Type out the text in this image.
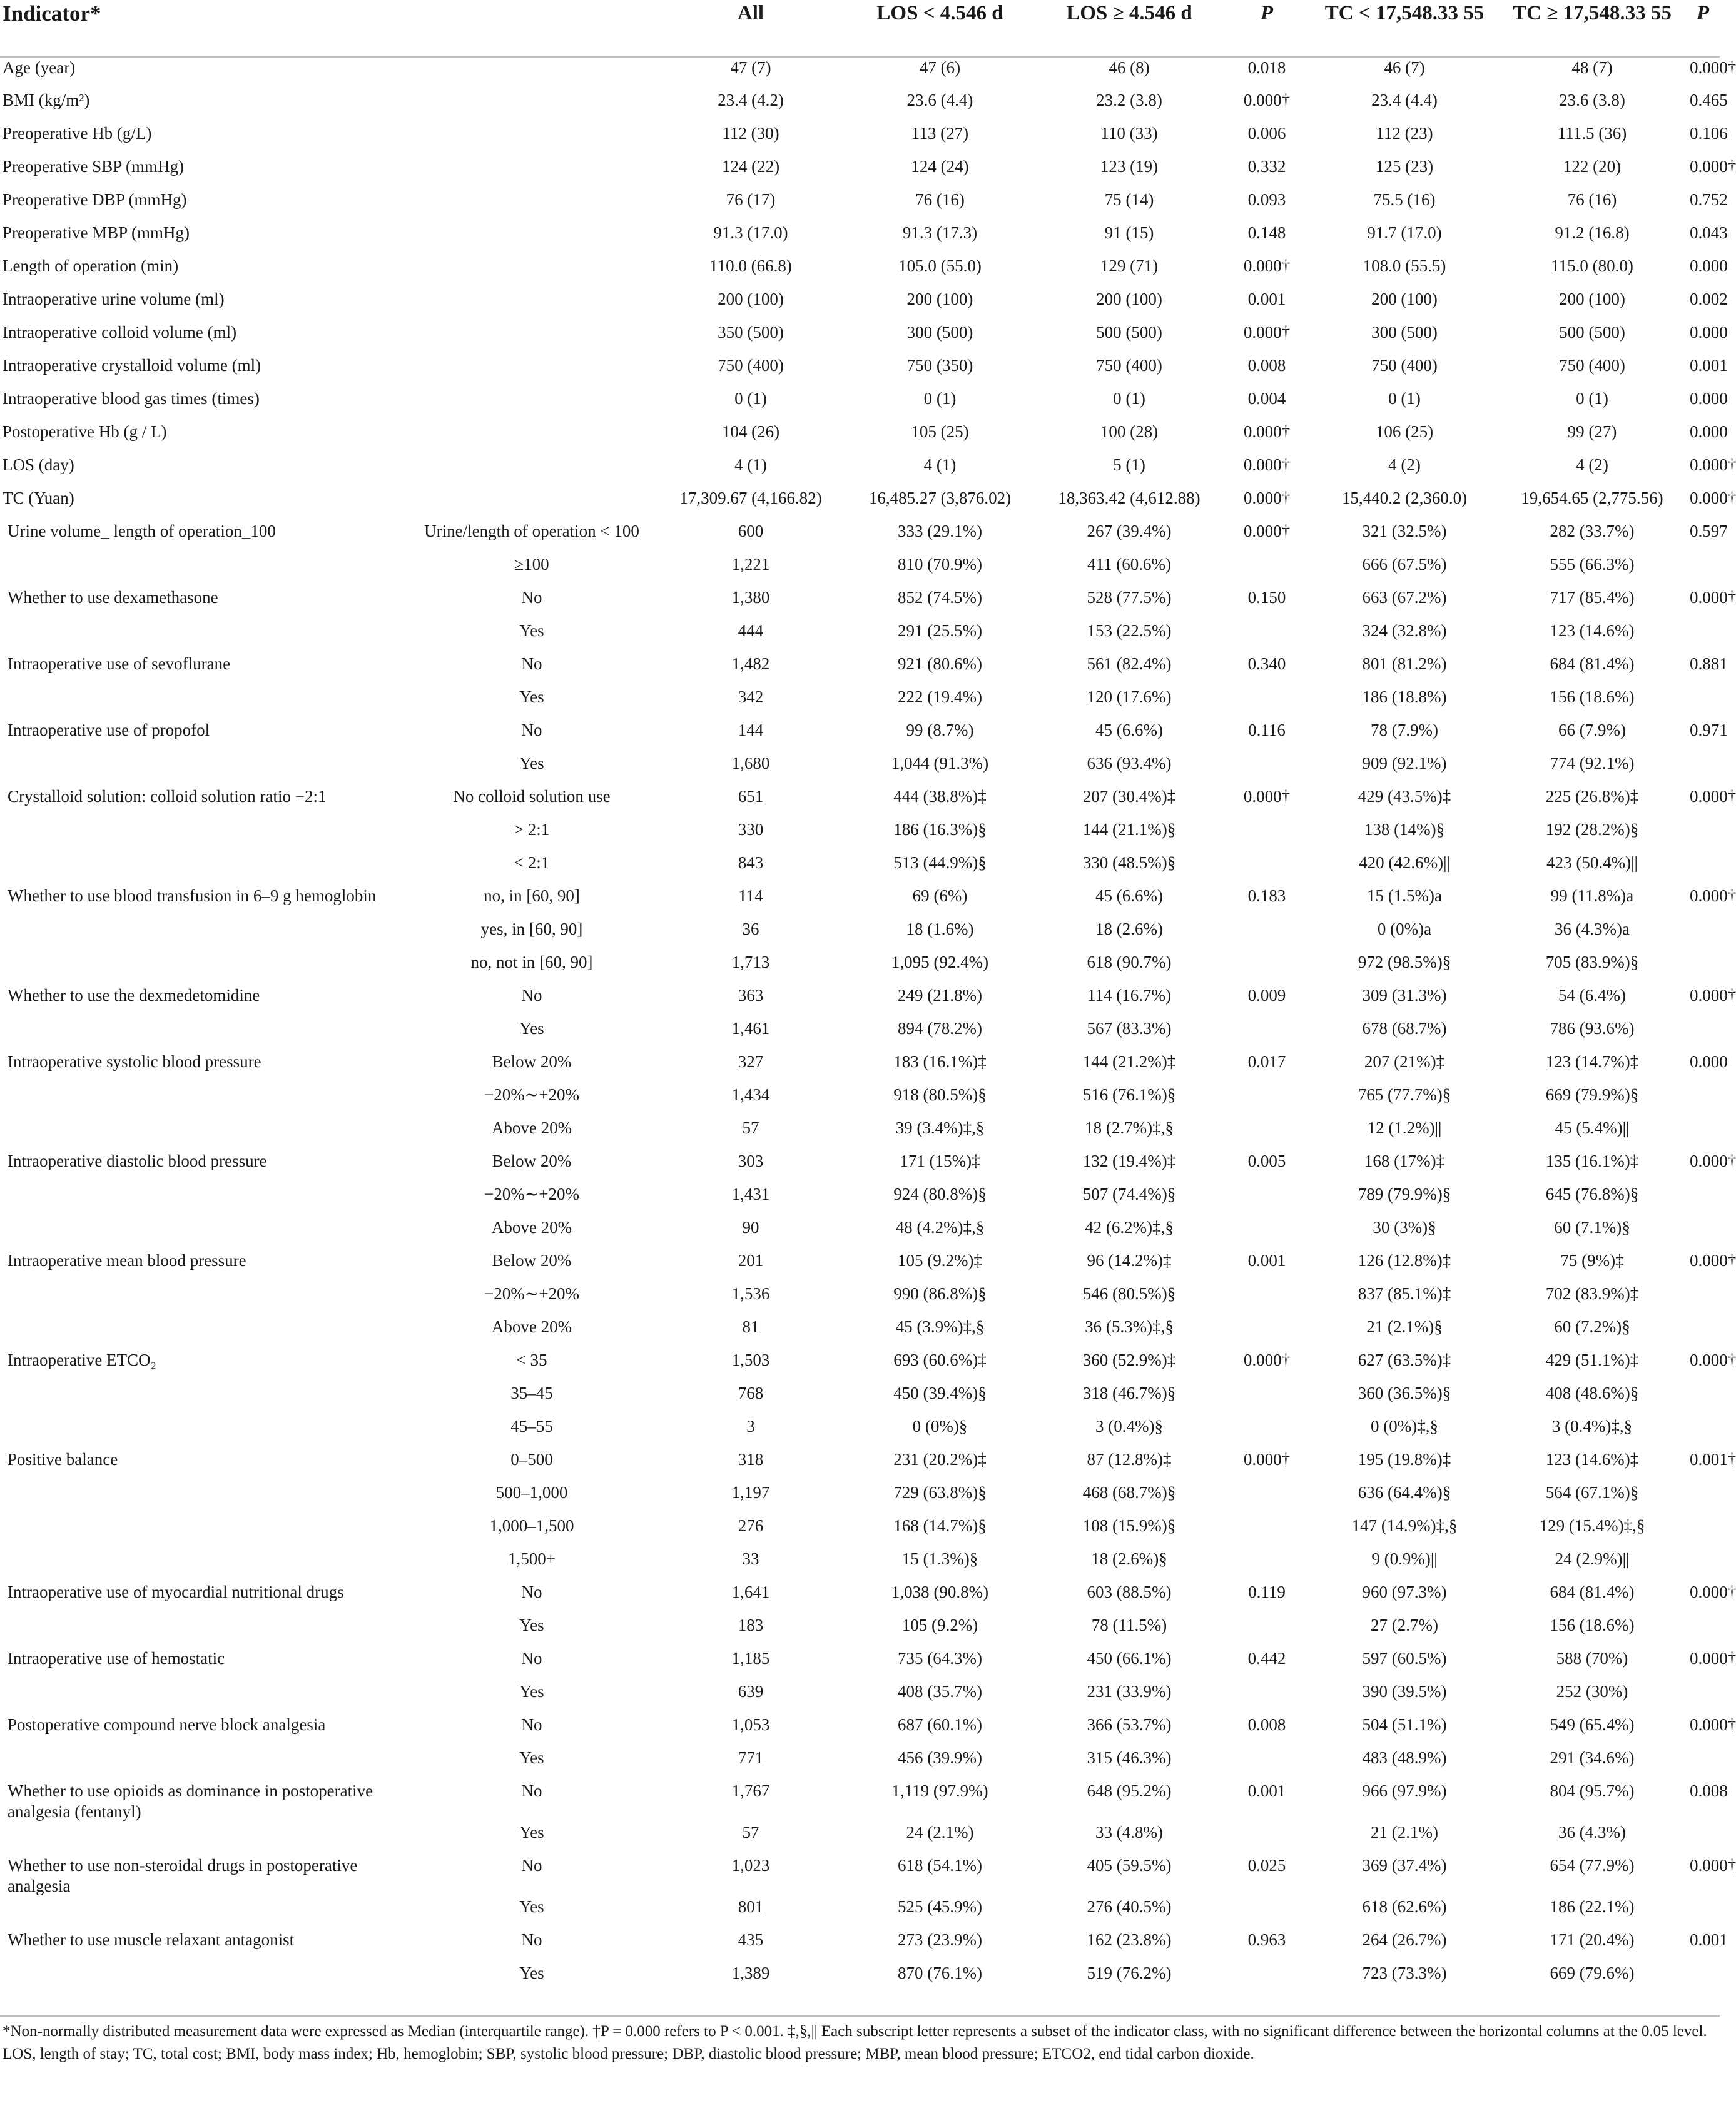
Indicator*		All	LOS < 4.546 d	LOS ≥ 4.546 d	P	TC < 17,548.33 55	TC ≥ 17,548.33 55	P
Age (year)		47 (7)	47 (6)	46 (8)	0.018	46 (7)	48 (7)	0.000†
BMI (kg/m²)		23.4 (4.2)	23.6 (4.4)	23.2 (3.8)	0.000†	23.4 (4.4)	23.6 (3.8)	0.465
Preoperative Hb (g/L)		112 (30)	113 (27)	110 (33)	0.006	112 (23)	111.5 (36)	0.106
Preoperative SBP (mmHg)		124 (22)	124 (24)	123 (19)	0.332	125 (23)	122 (20)	0.000†
Preoperative DBP (mmHg)		76 (17)	76 (16)	75 (14)	0.093	75.5 (16)	76 (16)	0.752
Preoperative MBP (mmHg)		91.3 (17.0)	91.3 (17.3)	91 (15)	0.148	91.7 (17.0)	91.2 (16.8)	0.043
Length of operation (min)		110.0 (66.8)	105.0 (55.0)	129 (71)	0.000†	108.0 (55.5)	115.0 (80.0)	0.000
Intraoperative urine volume (ml)		200 (100)	200 (100)	200 (100)	0.001	200 (100)	200 (100)	0.002
Intraoperative colloid volume (ml)		350 (500)	300 (500)	500 (500)	0.000†	300 (500)	500 (500)	0.000
Intraoperative crystalloid volume (ml)		750 (400)	750 (350)	750 (400)	0.008	750 (400)	750 (400)	0.001
Intraoperative blood gas times (times)		0 (1)	0 (1)	0 (1)	0.004	0 (1)	0 (1)	0.000
Postoperative Hb (g / L)		104 (26)	105 (25)	100 (28)	0.000†	106 (25)	99 (27)	0.000
LOS (day)		4 (1)	4 (1)	5 (1)	0.000†	4 (2)	4 (2)	0.000†
TC (Yuan)		17,309.67 (4,166.82)	16,485.27 (3,876.02)	18,363.42 (4,612.88)	0.000†	15,440.2 (2,360.0)	19,654.65 (2,775.56)	0.000†
Urine volume_ length of operation_100	Urine/length of operation < 100	600	333 (29.1%)	267 (39.4%)	0.000†	321 (32.5%)	282 (33.7%)	0.597
	≥100	1,221	810 (70.9%)	411 (60.6%)		666 (67.5%)	555 (66.3%)	
Whether to use dexamethasone	No	1,380	852 (74.5%)	528 (77.5%)	0.150	663 (67.2%)	717 (85.4%)	0.000†
	Yes	444	291 (25.5%)	153 (22.5%)		324 (32.8%)	123 (14.6%)	
Intraoperative use of sevoflurane	No	1,482	921 (80.6%)	561 (82.4%)	0.340	801 (81.2%)	684 (81.4%)	0.881
	Yes	342	222 (19.4%)	120 (17.6%)		186 (18.8%)	156 (18.6%)	
Intraoperative use of propofol	No	144	99 (8.7%)	45 (6.6%)	0.116	78 (7.9%)	66 (7.9%)	0.971
	Yes	1,680	1,044 (91.3%)	636 (93.4%)		909 (92.1%)	774 (92.1%)	
Crystalloid solution: colloid solution ratio −2:1	No colloid solution use	651	444 (38.8%)‡	207 (30.4%)‡	0.000†	429 (43.5%)‡	225 (26.8%)‡	0.000†
	> 2:1	330	186 (16.3%)§	144 (21.1%)§		138 (14%)§	192 (28.2%)§	
	< 2:1	843	513 (44.9%)§	330 (48.5%)§		420 (42.6%)||	423 (50.4%)||	
Whether to use blood transfusion in 6–9 g hemoglobin	no, in [60, 90]	114	69 (6%)	45 (6.6%)	0.183	15 (1.5%)a	99 (11.8%)a	0.000†
	yes, in [60, 90]	36	18 (1.6%)	18 (2.6%)		0 (0%)a	36 (4.3%)a	
	no, not in [60, 90]	1,713	1,095 (92.4%)	618 (90.7%)		972 (98.5%)§	705 (83.9%)§	
Whether to use the dexmedetomidine	No	363	249 (21.8%)	114 (16.7%)	0.009	309 (31.3%)	54 (6.4%)	0.000†
	Yes	1,461	894 (78.2%)	567 (83.3%)		678 (68.7%)	786 (93.6%)	
Intraoperative systolic blood pressure	Below 20%	327	183 (16.1%)‡	144 (21.2%)‡	0.017	207 (21%)‡	123 (14.7%)‡	0.000
	−20%∼+20%	1,434	918 (80.5%)§	516 (76.1%)§		765 (77.7%)§	669 (79.9%)§	
	Above 20%	57	39 (3.4%)‡,§	18 (2.7%)‡,§		12 (1.2%)||	45 (5.4%)||	
Intraoperative diastolic blood pressure	Below 20%	303	171 (15%)‡	132 (19.4%)‡	0.005	168 (17%)‡	135 (16.1%)‡	0.000†
	−20%∼+20%	1,431	924 (80.8%)§	507 (74.4%)§		789 (79.9%)§	645 (76.8%)§	
	Above 20%	90	48 (4.2%)‡,§	42 (6.2%)‡,§		30 (3%)§	60 (7.1%)§	
Intraoperative mean blood pressure	Below 20%	201	105 (9.2%)‡	96 (14.2%)‡	0.001	126 (12.8%)‡	75 (9%)‡	0.000†
	−20%∼+20%	1,536	990 (86.8%)§	546 (80.5%)§		837 (85.1%)‡	702 (83.9%)‡	
	Above 20%	81	45 (3.9%)‡,§	36 (5.3%)‡,§		21 (2.1%)§	60 (7.2%)§	
Intraoperative ETCO₂	< 35	1,503	693 (60.6%)‡	360 (52.9%)‡	0.000†	627 (63.5%)‡	429 (51.1%)‡	0.000†
	35–45	768	450 (39.4%)§	318 (46.7%)§		360 (36.5%)§	408 (48.6%)§	
	45–55	3	0 (0%)§	3 (0.4%)§		0 (0%)‡,§	3 (0.4%)‡,§	
Positive balance	0–500	318	231 (20.2%)‡	87 (12.8%)‡	0.000†	195 (19.8%)‡	123 (14.6%)‡	0.001†
	500–1,000	1,197	729 (63.8%)§	468 (68.7%)§		636 (64.4%)§	564 (67.1%)§	
	1,000–1,500	276	168 (14.7%)§	108 (15.9%)§		147 (14.9%)‡,§	129 (15.4%)‡,§	
	1,500+	33	15 (1.3%)§	18 (2.6%)§		9 (0.9%)||	24 (2.9%)||	
Intraoperative use of myocardial nutritional drugs	No	1,641	1,038 (90.8%)	603 (88.5%)	0.119	960 (97.3%)	684 (81.4%)	0.000†
	Yes	183	105 (9.2%)	78 (11.5%)		27 (2.7%)	156 (18.6%)	
Intraoperative use of hemostatic	No	1,185	735 (64.3%)	450 (66.1%)	0.442	597 (60.5%)	588 (70%)	0.000†
	Yes	639	408 (35.7%)	231 (33.9%)		390 (39.5%)	252 (30%)	
Postoperative compound nerve block analgesia	No	1,053	687 (60.1%)	366 (53.7%)	0.008	504 (51.1%)	549 (65.4%)	0.000†
	Yes	771	456 (39.9%)	315 (46.3%)		483 (48.9%)	291 (34.6%)	
Whether to use opioids as dominance in postoperative analgesia (fentanyl)	No	1,767	1,119 (97.9%)	648 (95.2%)	0.001	966 (97.9%)	804 (95.7%)	0.008
	Yes	57	24 (2.1%)	33 (4.8%)		21 (2.1%)	36 (4.3%)	
Whether to use non-steroidal drugs in postoperative analgesia	No	1,023	618 (54.1%)	405 (59.5%)	0.025	369 (37.4%)	654 (77.9%)	0.000†
	Yes	801	525 (45.9%)	276 (40.5%)		618 (62.6%)	186 (22.1%)	
Whether to use muscle relaxant antagonist	No	435	273 (23.9%)	162 (23.8%)	0.963	264 (26.7%)	171 (20.4%)	0.001
	Yes	1,389	870 (76.1%)	519 (76.2%)		723 (73.3%)	669 (79.6%)	

*Non-normally distributed measurement data were expressed as Median (interquartile range). †P = 0.000 refers to P < 0.001. ‡,§,|| Each subscript letter represents a subset of the indicator class, with no significant difference between the horizontal columns at the 0.05 level.

LOS, length of stay; TC, total cost; BMI, body mass index; Hb, hemoglobin; SBP, systolic blood pressure; DBP, diastolic blood pressure; MBP, mean blood pressure; ETCO2, end tidal carbon dioxide.
